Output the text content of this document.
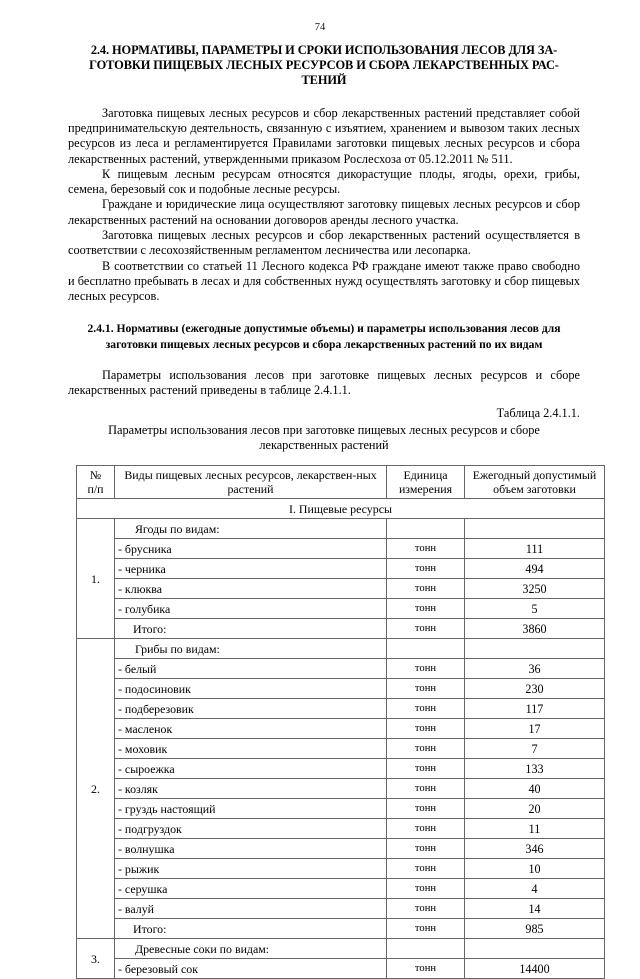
74
2.4. НОРМАТИВЫ, ПАРАМЕТРЫ И СРОКИ ИСПОЛЬЗОВАНИЯ ЛЕСОВ ДЛЯ ЗА-ГОТОВКИ ПИЩЕВЫХ ЛЕСНЫХ РЕСУРСОВ И СБОРА ЛЕКАРСТВЕННЫХ РАС-ТЕНИЙ

Заготовка пищевых лесных ресурсов и сбор лекарственных растений представляет собой предпринимательскую деятельность, связанную с изъятием, хранением и вывозом таких лесных ресурсов из леса и регламентируется Правилами заготовки пищевых лесных ресурсов и сбора лекарственных растений, утвержденными приказом Рослесхоза от 05.12.2011 № 511.

К пищевым лесным ресурсам относятся дикорастущие плоды, ягоды, орехи, грибы, семена, березовый сок и подобные лесные ресурсы.

Граждане и юридические лица осуществляют заготовку пищевых лесных ресурсов и сбор лекарственных растений на основании договоров аренды лесного участка.

Заготовка пищевых лесных ресурсов и сбор лекарственных растений осуществляется в соответствии с лесохозяйственным регламентом лесничества или лесопарка.

В соответствии со статьей 11 Лесного кодекса РФ граждане имеют также право свободно и бесплатно пребывать в лесах и для собственных нужд осуществлять заготовку и сбор пищевых лесных ресурсов.

2.4.1. Нормативы (ежегодные допустимые объемы) и параметры использования лесов для заготовки пищевых лесных ресурсов и сбора лекарственных растений по их видам

Параметры использования лесов при заготовке пищевых лесных ресурсов и сборе лекарственных растений приведены в таблице 2.4.1.1.

Таблица 2.4.1.1.

Параметры использования лесов при заготовке пищевых лесных ресурсов и сборе лекарственных растений

№
п/п	Виды пищевых лесных ресурсов, лекарствен-ных растений	Единица измерения	Ежегодный допустимый объем заготовки
I. Пищевые ресурсы			
1.	Ягоды по видам:		
	- брусника	тонн	111
	- черника	тонн	494
	- клюква	тонн	3250
	- голубика	тонн	5
	Итого:	тонн	3860
2.	Грибы по видам:		
	- белый	тонн	36
	- подосиновик	тонн	230
	- подберезовик	тонн	117
	- масленок	тонн	17
	- моховик	тонн	7
	- сыроежка	тонн	133
	- козляк	тонн	40
	- груздь настоящий	тонн	20
	- подгруздок	тонн	11
	- волнушка	тонн	346
	- рыжик	тонн	10
	- серушка	тонн	4
	- валуй	тонн	14
	Итого:	тонн	985
3.	Древесные соки по видам:		
	- березовый сок	тонн	14400
